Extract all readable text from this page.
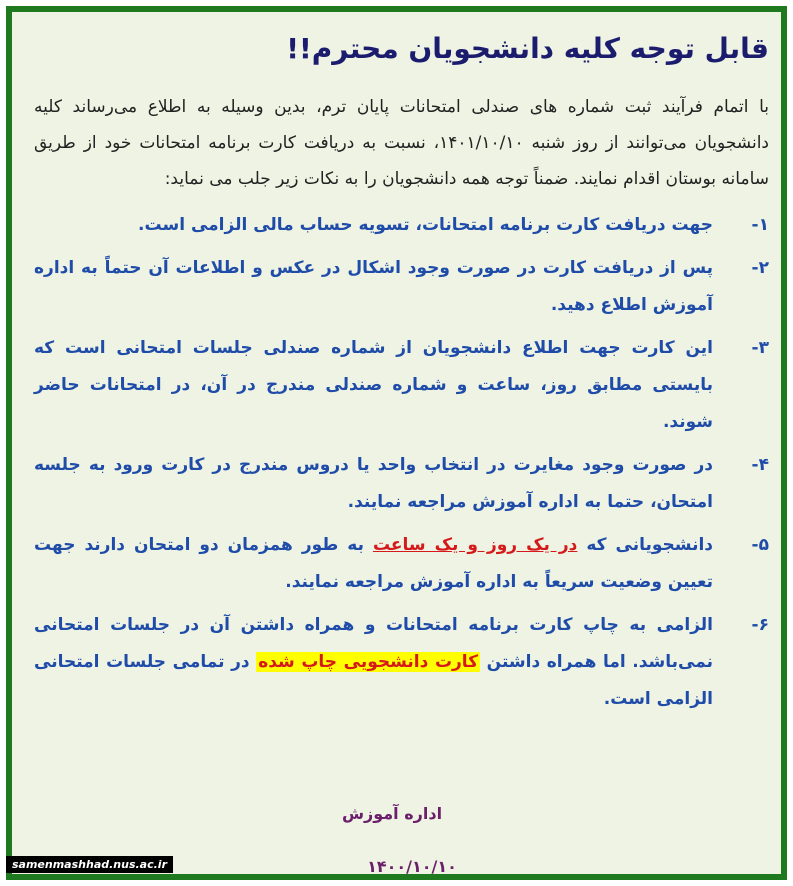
قابل توجه کلیه دانشجویان محترم!!

با اتمام فرآیند ثبت شماره های صندلی امتحانات پایان ترم، بدین وسیله به اطلاع می‌رساند کلیه دانشجویان می‌توانند از روز شنبه ۱۴۰۱/۱۰/۱۰، نسبت به دریافت کارت برنامه امتحانات خود از طریق سامانه بوستان اقدام نمایند. ضمناً توجه همه دانشجویان را به نکات زیر جلب می نماید:

۱-
جهت دریافت کارت برنامه امتحانات، تسویه حساب مالی الزامی است.
۲-
پس از دریافت کارت در صورت وجود اشکال در عکس و اطلاعات آن حتماً به اداره آموزش اطلاع دهید.
۳-
این کارت جهت اطلاع دانشجویان از شماره صندلی جلسات امتحانی است که بایستی مطابق روز، ساعت و شماره صندلی مندرج در آن، در امتحانات حاضر شوند.
۴-
در صورت وجود مغایرت در انتخاب واحد یا دروس مندرج در کارت ورود به جلسه امتحان، حتما به اداره آموزش مراجعه نمایند.
۵-
دانشجویانی که در یک روز و یک ساعت به طور همزمان دو امتحان دارند جهت تعیین وضعیت سریعاً به اداره آموزش مراجعه نمایند.
۶-
الزامی به چاپ کارت برنامه امتحانات و همراه داشتن آن در جلسات امتحانی نمی‌باشد. اما همراه داشتن کارت دانشجویی چاپ شده در تمامی جلسات امتحانی الزامی است.
اداره آموزش
۱۴۰۰/۱۰/۱۰
samenmashhad.nus.ac.ir
